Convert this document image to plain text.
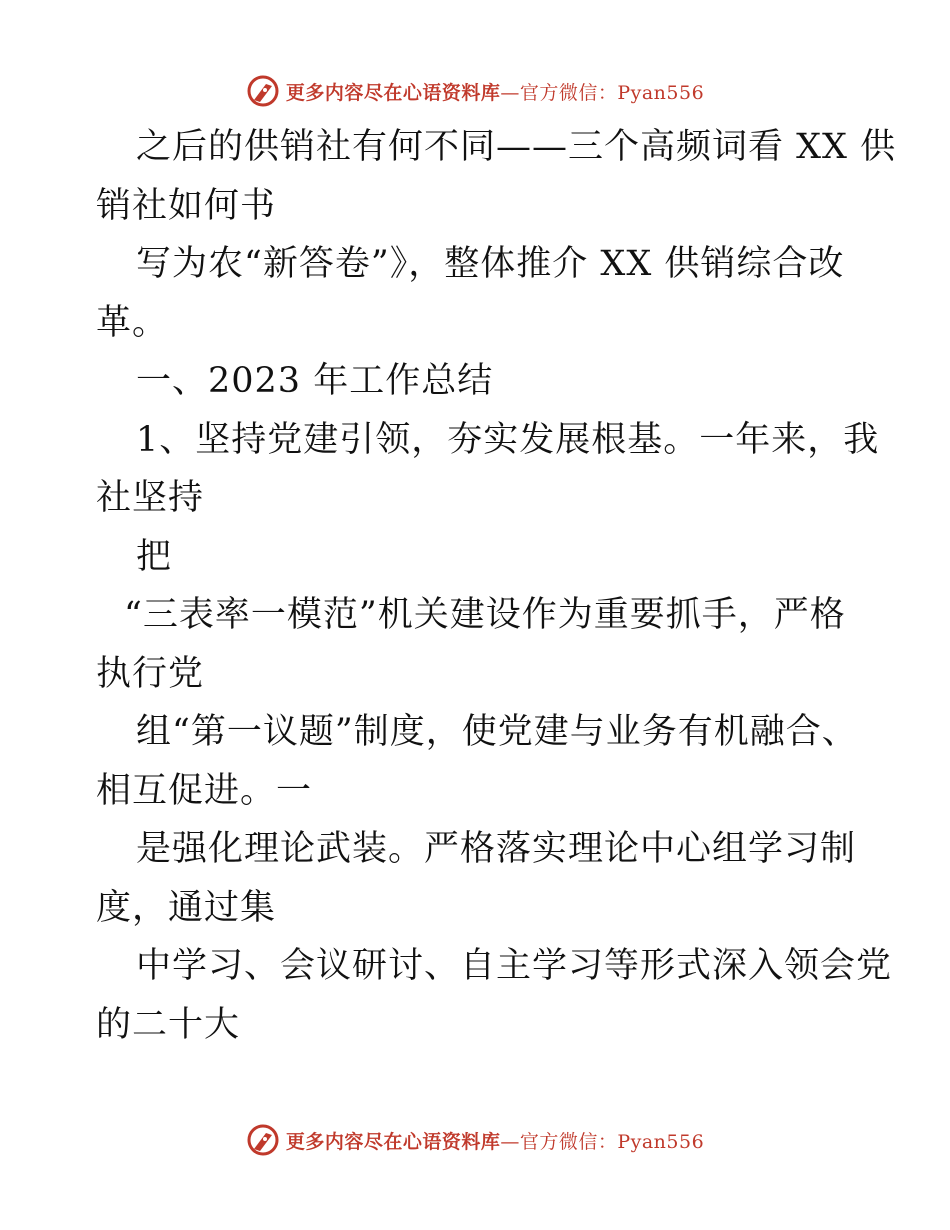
更多内容尽在心语资料库—官方微信：Pyan556
之后的供销社有何不同——三个高频词看 XX 供
销社如何书
写为农“新答卷”》，整体推介 XX 供销综合改
革。
一、2023 年工作总结
1、坚持党建引领，夯实发展根基。一年来，我
社坚持
把
“三表率一模范”机关建设作为重要抓手，严格
执行党
组“第一议题”制度，使党建与业务有机融合、
相互促进。一
是强化理论武装。严格落实理论中心组学习制
度，通过集
中学习、会议研讨、自主学习等形式深入领会党
的二十大
更多内容尽在心语资料库—官方微信：Pyan556
